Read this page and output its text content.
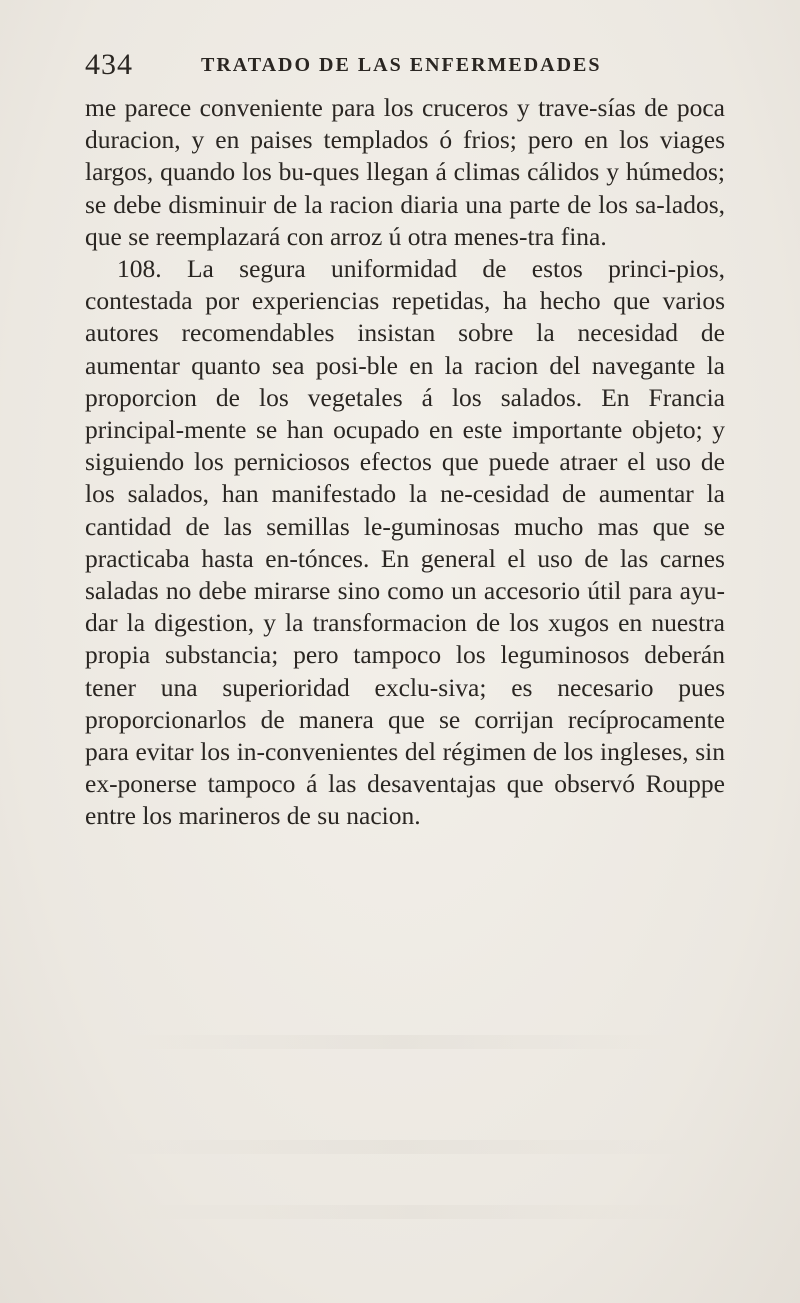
434	TRATADO DE LAS ENFERMEDADES

me parece conveniente para los cruceros y trave-sías de poca duracion, y en paises templados ó frios; pero en los viages largos, quando los bu-ques llegan á climas cálidos y húmedos; se debe disminuir de la racion diaria una parte de los sa-lados, que se reemplazará con arroz ú otra menes-tra fina.

108. La segura uniformidad de estos princi-pios, contestada por experiencias repetidas, ha hecho que varios autores recomendables insistan sobre la necesidad de aumentar quanto sea posi-ble en la racion del navegante la proporcion de los vegetales á los salados. En Francia principal-mente se han ocupado en este importante objeto; y siguiendo los perniciosos efectos que puede atraer el uso de los salados, han manifestado la ne-cesidad de aumentar la cantidad de las semillas le-guminosas mucho mas que se practicaba hasta en-tónces. En general el uso de las carnes saladas no debe mirarse sino como un accesorio útil para ayu-dar la digestion, y la transformacion de los xugos en nuestra propia substancia; pero tampoco los leguminosos deberán tener una superioridad exclu-siva; es necesario pues proporcionarlos de manera que se corrijan recíprocamente para evitar los in-convenientes del régimen de los ingleses, sin ex-ponerse tampoco á las desaventajas que observó Rouppe entre los marineros de su nacion.
